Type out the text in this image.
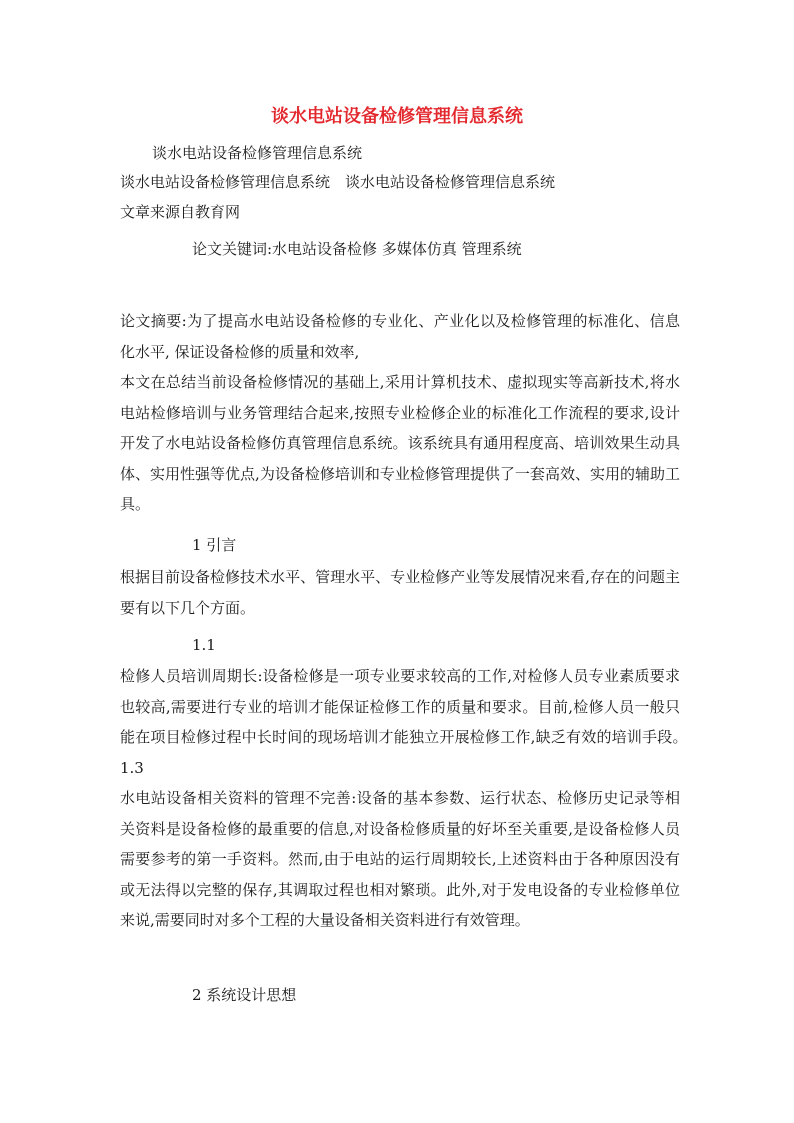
谈水电站设备检修管理信息系统
谈水电站设备检修管理信息系统
谈水电站设备检修管理信息系统　谈水电站设备检修管理信息系统
文章来源自教育网
论文关键词:水电站设备检修 多媒体仿真 管理系统
论文摘要:为了提高水电站设备检修的专业化、产业化以及检修管理的标准化、信息化水平, 保证设备检修的质量和效率,
本文在总结当前设备检修情况的基础上,采用计算机技术、虚拟现实等高新技术,将水电站检修培训与业务管理结合起来,按照专业检修企业的标准化工作流程的要求,设计开发了水电站设备检修仿真管理信息系统。该系统具有通用程度高、培训效果生动具体、实用性强等优点,为设备检修培训和专业检修管理提供了一套高效、实用的辅助工具。
1 引言
根据目前设备检修技术水平、管理水平、专业检修产业等发展情况来看,存在的问题主要有以下几个方面。
1.1
检修人员培训周期长:设备检修是一项专业要求较高的工作,对检修人员专业素质要求也较高,需要进行专业的培训才能保证检修工作的质量和要求。目前,检修人员一般只能在项目检修过程中长时间的现场培训才能独立开展检修工作,缺乏有效的培训手段。　　1.3
水电站设备相关资料的管理不完善:设备的基本参数、运行状态、检修历史记录等相关资料是设备检修的最重要的信息,对设备检修质量的好坏至关重要,是设备检修人员需要参考的第一手资料。然而,由于电站的运行周期较长,上述资料由于各种原因没有或无法得以完整的保存,其调取过程也相对繁琐。此外,对于发电设备的专业检修单位来说,需要同时对多个工程的大量设备相关资料进行有效管理。
2 系统设计思想
